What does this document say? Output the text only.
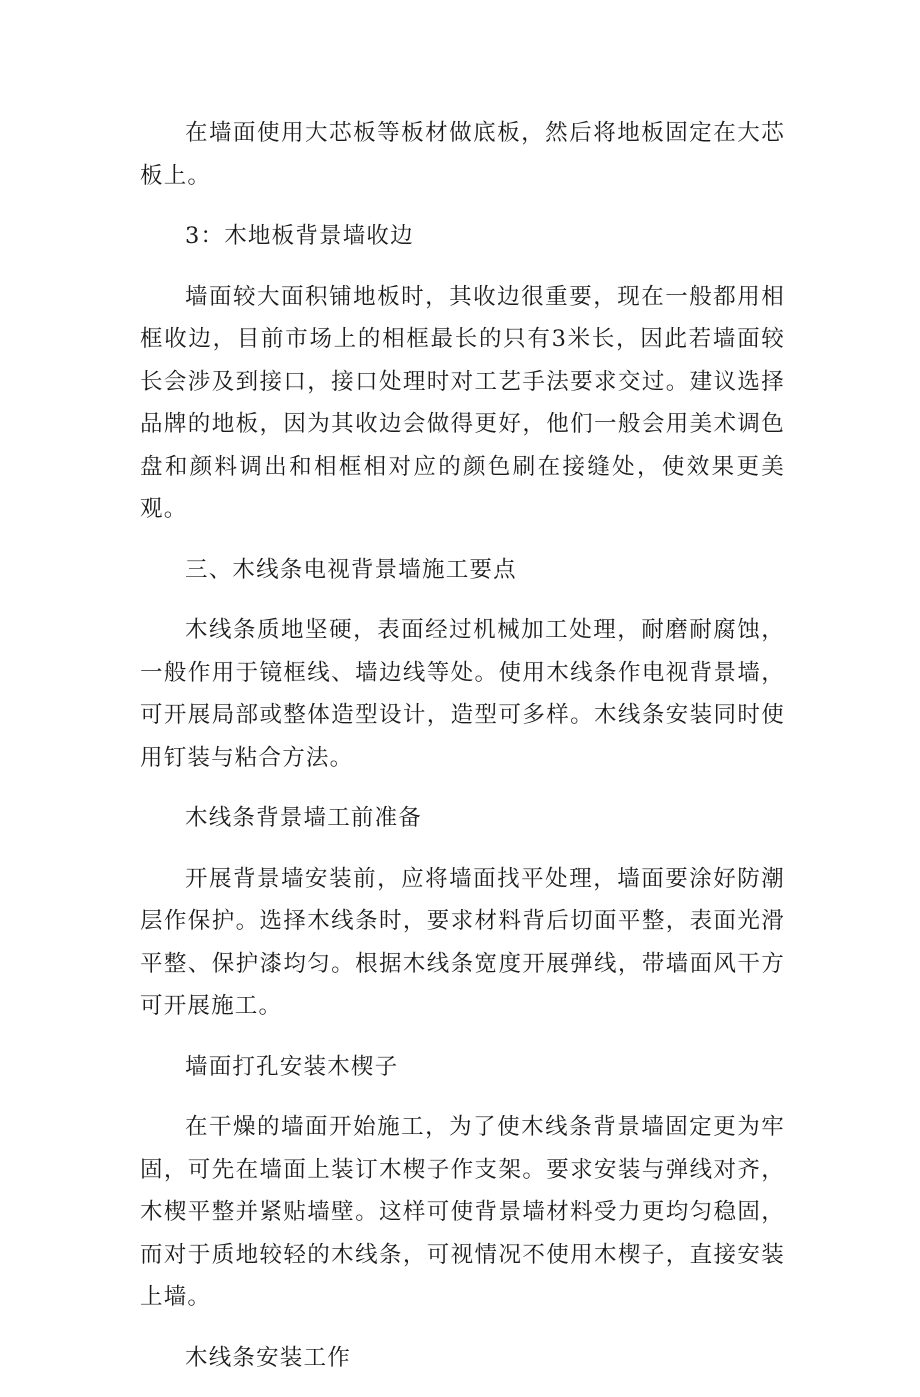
在墙面使用大芯板等板材做底板，然后将地板固定在大芯板上。

3：木地板背景墙收边

墙面较大面积铺地板时，其收边很重要，现在一般都用相框收边，目前市场上的相框最长的只有3米长，因此若墙面较长会涉及到接口，接口处理时对工艺手法要求交过。建议选择品牌的地板，因为其收边会做得更好，他们一般会用美术调色盘和颜料调出和相框相对应的颜色刷在接缝处，使效果更美观。

三、木线条电视背景墙施工要点

木线条质地坚硬，表面经过机械加工处理，耐磨耐腐蚀，一般作用于镜框线、墙边线等处。使用木线条作电视背景墙，可开展局部或整体造型设计，造型可多样。木线条安装同时使用钉装与粘合方法。

木线条背景墙工前准备

开展背景墙安装前，应将墙面找平处理，墙面要涂好防潮层作保护。选择木线条时，要求材料背后切面平整，表面光滑平整、保护漆均匀。根据木线条宽度开展弹线，带墙面风干方可开展施工。

墙面打孔安装木楔子

在干燥的墙面开始施工，为了使木线条背景墙固定更为牢固，可先在墙面上装订木楔子作支架。要求安装与弹线对齐，木楔平整并紧贴墙壁。这样可使背景墙材料受力更均匀稳固，而对于质地较轻的木线条，可视情况不使用木楔子，直接安装上墙。

木线条安装工作
